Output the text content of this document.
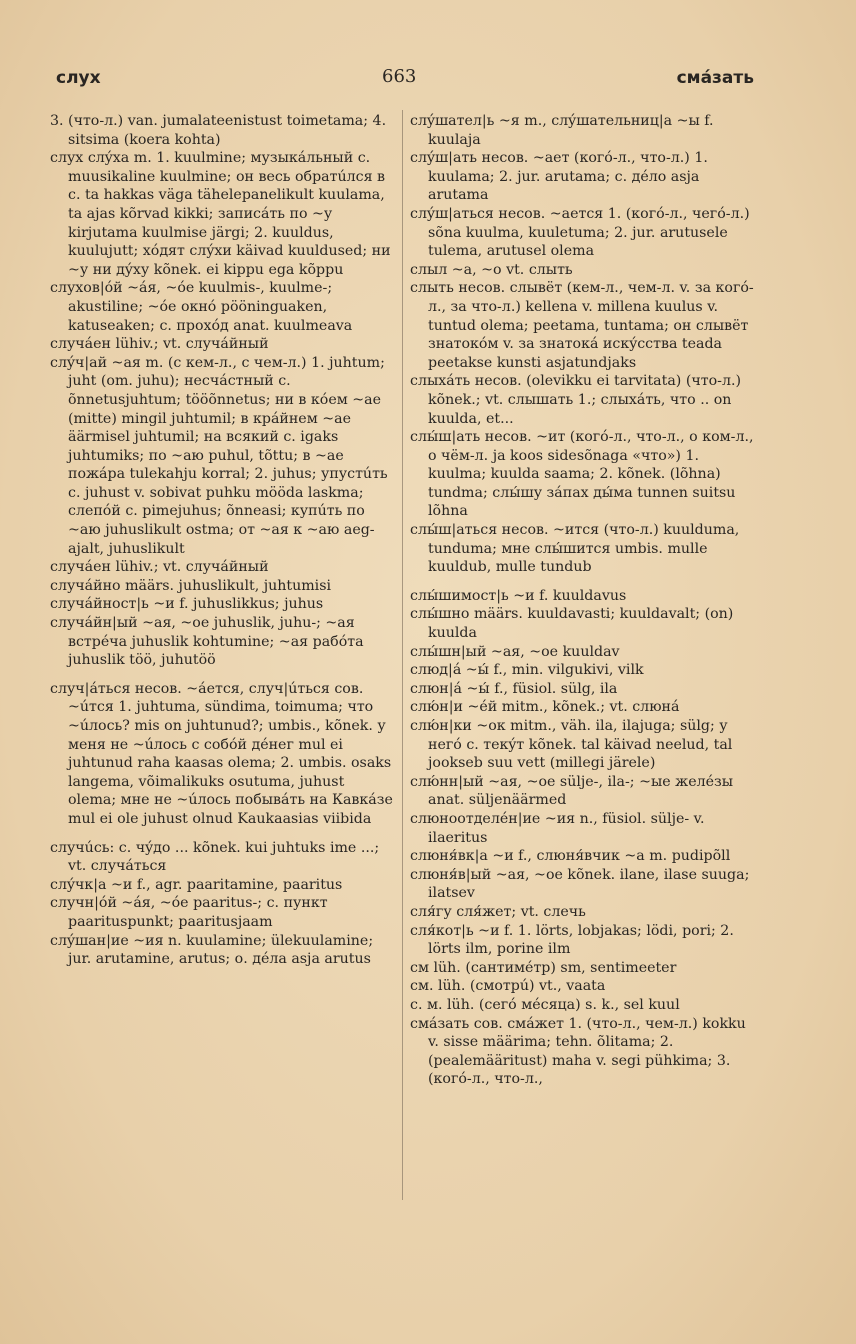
слух	663	смáзать
3. (что-л.) van. jumalateenistust toimetama; 4. sitsima (koera kohta)
слух слýха m. 1. kuulmine; музыкáльный с. muusikaline kuulmine; он весь обратúлся в с. ta hakkas väga tähelepanelikult kuulama, ta ajas kõrvad kikki; записáть по ~у kirjutama kuulmise järgi; 2. kuuldus, kuulujutt; хóдят слýхи käivad kuuldused; ни ~у ни дýху kõnek. ei kippu ega kõppu
слухов|óй ~áя, ~óе kuulmis-, kuulme-; akustiline; ~óе окнó pööninguaken, katuseaken; с. прохóд anat. kuulmeava
случáен lühiv.; vt. случáйный
слýч|ай ~ая m. (с кем-л., с чем-л.) 1. juhtum; juht (om. juhu); несчáстный с. õnnetusjuhtum; tööõnnetus; ни в кóем ~ае (mitte) mingil juhtumil; в крáйнем ~ае äärmisel juhtumil; на всякий с. igaks juhtumiks; по ~аю puhul, tõttu; в ~ае пожáра tulekahju korral; 2. juhus; упустúть с. juhust v. sobivat puhku mööda laskma; слепóй с. pimejuhus; õnneasi; купúть по ~аю juhuslikult ostma; от ~ая к ~аю aeg-ajalt, juhuslikult
случáен lühiv.; vt. случáйный
случáйно määrs. juhuslikult, juhtumisi
случáйност|ь ~и f. juhuslikkus; juhus
случáйн|ый ~ая, ~ое juhuslik, juhu-; ~ая встрéча juhuslik kohtumine; ~ая рабóта juhuslik töö, juhutöö
случ|áться несов. ~áется, случ|úться сов. ~úтся 1. juhtuma, sündima, toimuma; что ~úлось? mis on juhtunud?; umbis., kõnek. у меня не ~úлось с собóй дéнег mul ei juhtunud raha kaasas olema; 2. umbis. osaks langema, võimalikuks osutuma, juhust olema; мне не ~úлось побывáть на Кавкáзе mul ei ole juhust olnud Kaukaasias viibida
случúсь: с. чýдо ... kõnek. kui juhtuks ime ...; vt. случáться
слýчк|а ~и f., agr. paaritamine, paaritus
случн|óй ~áя, ~óе paaritus-; с. пункт paarituspunkt; paaritusjaam
слýшан|ие ~ия n. kuulamine; ülekuulamine; jur. arutamine, arutus; о. дéла asja arutus
слýшател|ь ~я m., слýшательниц|а ~ы f. kuulaja
слýш|ать несов. ~ает (когó-л., что-л.) 1. kuulama; 2. jur. arutama; с. дéло asja arutama
слýш|аться несов. ~ается 1. (когó-л., чегó-л.) sõna kuulma, kuuletuma; 2. jur. arutusele tulema, arutusel olema
слыл ~а, ~о vt. слыть
слыть несов. слывёт (кем-л., чем-л. v. за когó-л., за что-л.) kellena v. millena kuulus v. tuntud olema; peetama, tuntama; он слывёт знатокóм v. за знатокá искýсства teada peetakse kunsti asjatundjaks
слыхáть несов. (olevikku ei tarvitata) (что-л.) kõnek.; vt. слышать 1.; слыхáть, что .. on kuulda, et...
слы́ш|ать несов. ~ит (когó-л., что-л., о ком-л., о чём-л. ja koos sidesõnaga «что») 1. kuulma; kuulda saama; 2. kõnek. (lõhna) tundma; слы́шу зáпах ды́ма tunnen suitsu lõhna
слы́ш|аться несов. ~ится (что-л.) kuulduma, tunduma; мне слы́шится umbis. mulle kuuldub, mulle tundub
слы́шимост|ь ~и f. kuuldavus
слы́шно määrs. kuuldavasti; kuuldavalt; (on) kuulda
слы́шн|ый ~ая, ~ое kuuldav
слюд|á ~ы́ f., min. vilgukivi, vilk
слюн|á ~ы́ f., füsiol. sülg, ila
слю́н|и ~éй mitm., kõnek.; vt. слюнá
слю́н|ки ~ок mitm., väh. ila, ilajuga; sülg; у негó с. текýт kõnek. tal käivad neelud, tal jookseb suu vett (millegi järele)
слю́нн|ый ~ая, ~ое sülje-, ila-; ~ые желéзы anat. süljenäärmed
слюноотделéн|ие ~ия n., füsiol. sülje- v. ilaeritus
слюня́вк|а ~и f., слюня́вчик ~а m. pudipõll
слюня́в|ый ~ая, ~ое kõnek. ilane, ilase suuga; ilatsev
сля́гу сля́жет; vt. слечь
сля́кот|ь ~и f. 1. lörts, lobjakas; lödi, pori; 2. lörts ilm, porine ilm
см lüh. (сантимéтр) sm, sentimeeter
см. lüh. (смотрú) vt., vaata
с. м. lüh. (сегó мéсяца) s. k., sel kuul
смáзать сов. смáжет 1. (что-л., чем-л.) kokku v. sisse määrima; tehn. õlitama; 2. (pealemääritust) maha v. segi pühkima; 3. (когó-л., что-л.,
